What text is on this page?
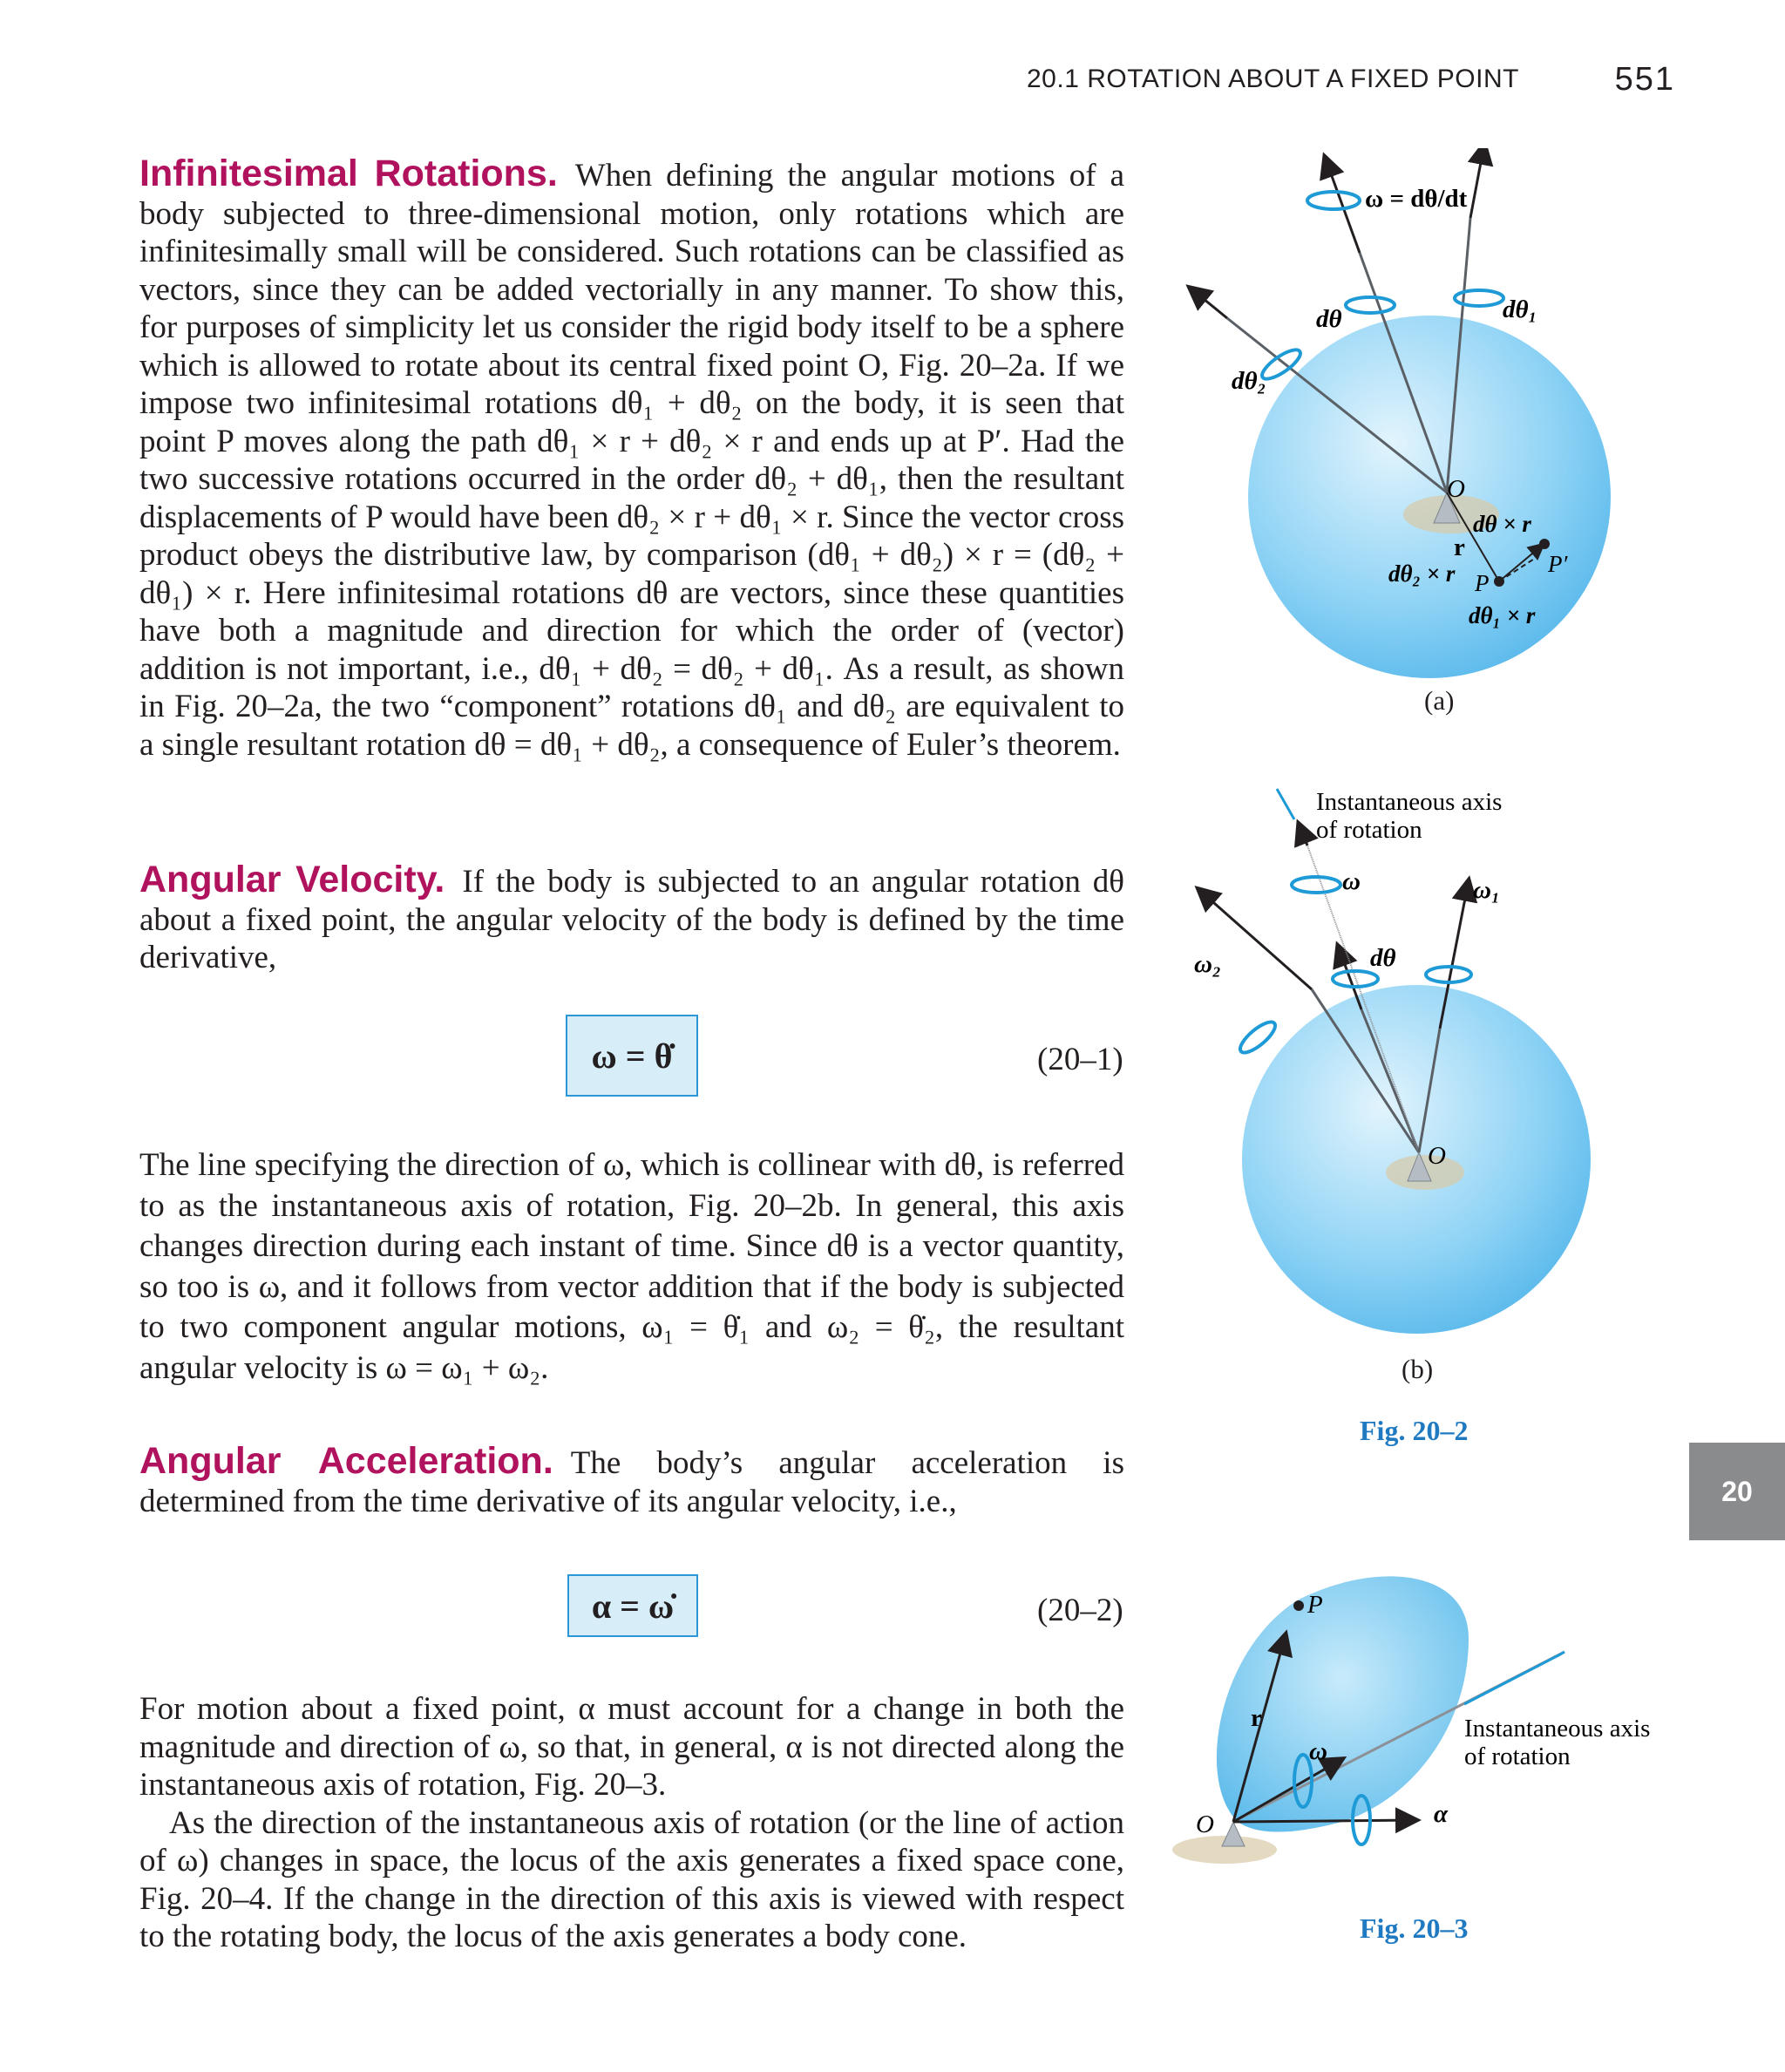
20.1 ROTATION ABOUT A FIXED POINT	551

Infinitesimal Rotations. When defining the angular motions of a body subjected to three-dimensional motion, only rotations which are infinitesimally small will be considered. Such rotations can be classified as vectors, since they can be added vectorially in any manner. To show this, for purposes of simplicity let us consider the rigid body itself to be a sphere which is allowed to rotate about its central fixed point O, Fig. 20–2a. If we impose two infinitesimal rotations dθ₁ + dθ₂ on the body, it is seen that point P moves along the path dθ₁ × r + dθ₂ × r and ends up at P′. Had the two successive rotations occurred in the order dθ₂ + dθ₁, then the resultant displacements of P would have been dθ₂ × r + dθ₁ × r. Since the vector cross product obeys the distributive law, by comparison (dθ₁ + dθ₂) × r = (dθ₂ + dθ₁) × r. Here infinitesimal rotations dθ are vectors, since these quantities have both a magnitude and direction for which the order of (vector) addition is not important, i.e., dθ₁ + dθ₂ = dθ₂ + dθ₁. As a result, as shown in Fig. 20–2a, the two “component” rotations dθ₁ and dθ₂ are equivalent to a single resultant rotation dθ = dθ₁ + dθ₂, a consequence of Euler’s theorem.

Angular Velocity. If the body is subjected to an angular rotation dθ about a fixed point, the angular velocity of the body is defined by the time derivative,

ω = θ̇	(20–1)

The line specifying the direction of ω, which is collinear with dθ, is referred to as the instantaneous axis of rotation, Fig. 20–2b. In general, this axis changes direction during each instant of time. Since dθ is a vector quantity, so too is ω, and it follows from vector addition that if the body is subjected to two component angular motions, ω₁ = θ̇₁ and ω₂ = θ̇₂, the resultant angular velocity is ω = ω₁ + ω₂.

Angular Acceleration. The body’s angular acceleration is determined from the time derivative of its angular velocity, i.e.,

α = ω̇	(20–2)

For motion about a fixed point, α must account for a change in both the magnitude and direction of ω, so that, in general, α is not directed along the instantaneous axis of rotation, Fig. 20–3.

As the direction of the instantaneous axis of rotation (or the line of action of ω) changes in space, the locus of the axis generates a fixed space cone, Fig. 20–4. If the change in the direction of this axis is viewed with respect to the rotating body, the locus of the axis generates a body cone.

20
ω = dθ/dt
dθ	dθ₁
dθ₂
O
r
P
P′
dθ × r
dθ₂ × r
dθ₁ × r
(a)
Instantaneous axis
of rotation
ω	ω₁
ω₂	dθ
O
(b)
Fig. 20–2
P
r
ω
α
O
Instantaneous axis
of rotation
Fig. 20–3
